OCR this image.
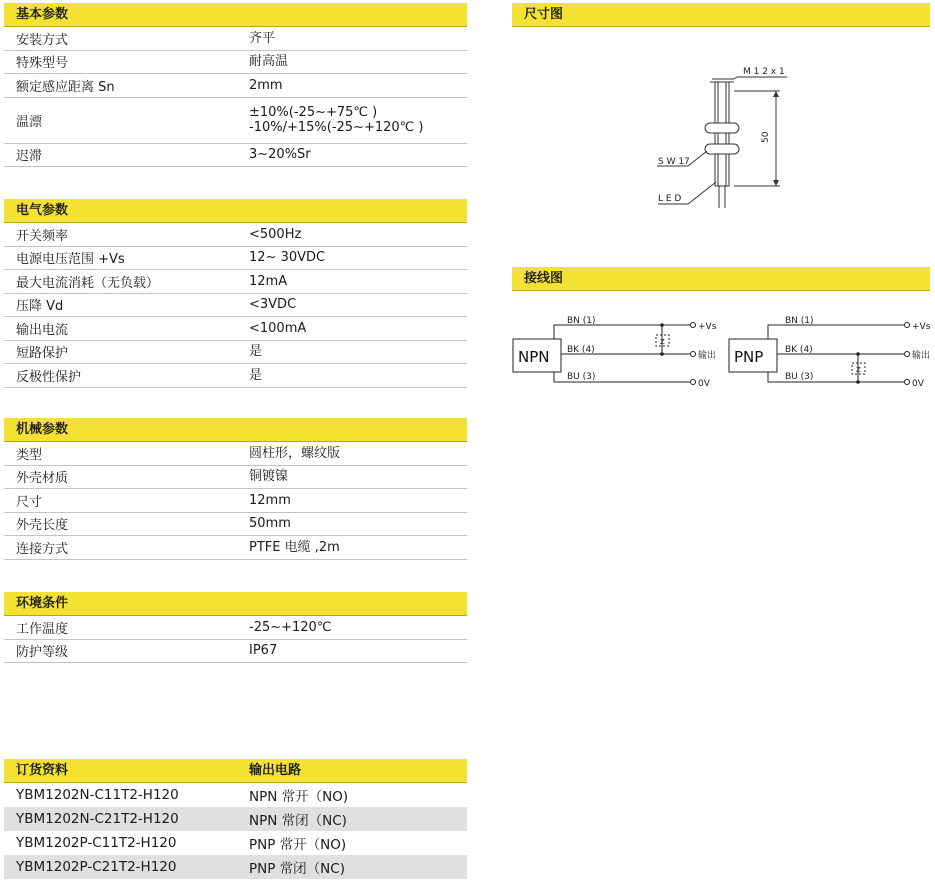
基本参数
安装方式	齐平
特殊型号	耐高温
额定感应距离 Sn	2mm
温漂
±10%(-25~+75℃ )
-10%/+15%(-25~+120℃ )
迟滞	3~20%Sr
电气参数
开关频率	<500Hz
电源电压范围 +Vs	12~ 30VDC
最大电流消耗（无负载）	12mA
压降 Vd	<3VDC
输出电流	<100mA
短路保护	是
反极性保护	是
机械参数
类型	圆柱形，螺纹版
外壳材质	铜镀镍
尺寸	12mm
外壳长度	50mm
连接方式	PTFE 电缆 ,2m
环境条件
工作温度	-25~+120℃
防护等级	IP67
订货资料	输出电路
YBM1202N-C11T2-H120	NPN 常开（NO)
YBM1202N-C21T2-H120	NPN 常闭（NC)
YBM1202P-C11T2-H120	PNP 常开（NO)
YBM1202P-C21T2-H120	PNP 常闭（NC)
尺寸图
M 1 2 x 1
50
S W 17
L E D
接线图
NPN
BN (1)
BK (4)
BU (3)
Z
+Vs
输出
0V
PNP
BN (1)
BK (4)
BU (3)
Z
+Vs
输出
0V
